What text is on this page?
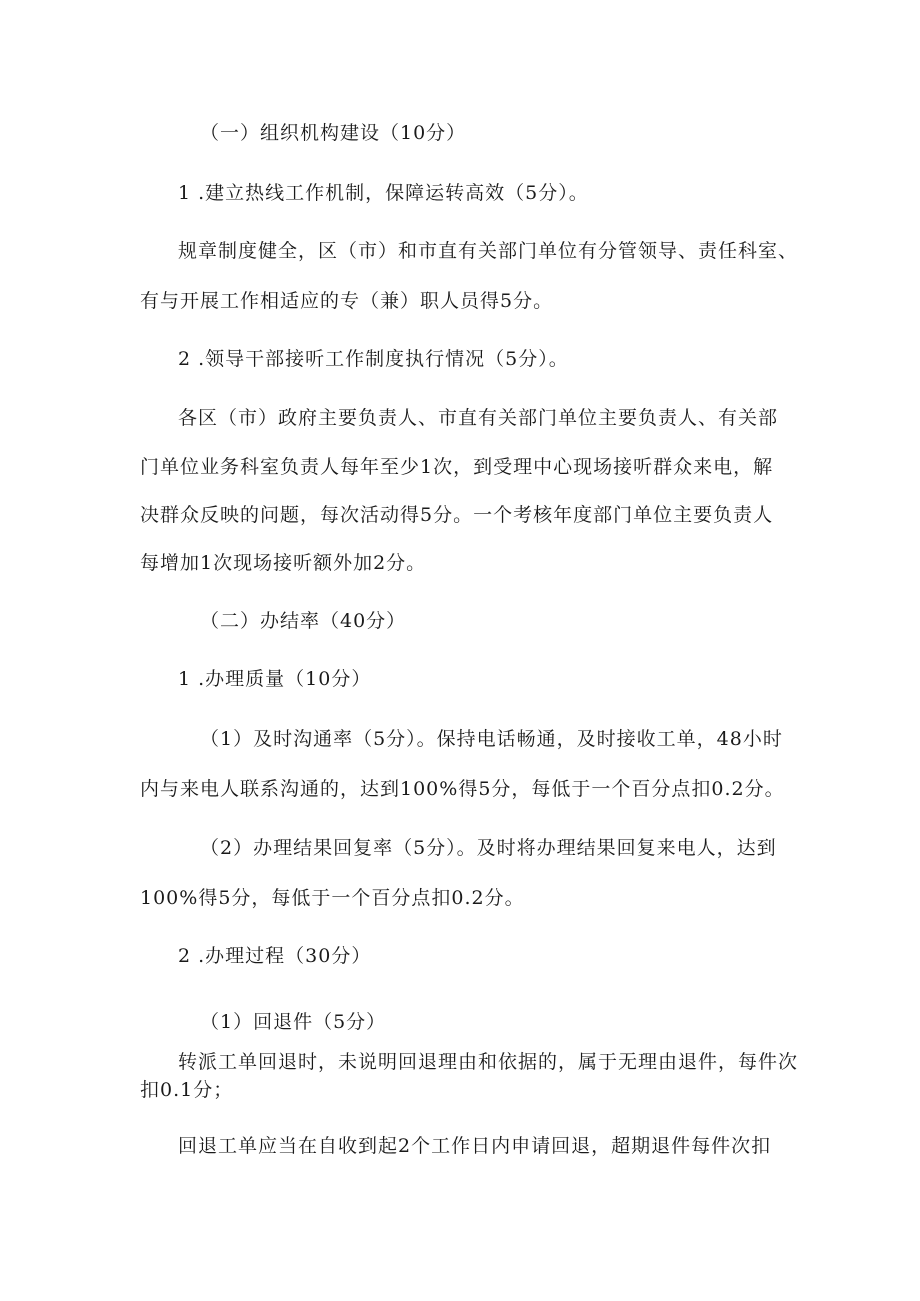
（一）组织机构建设（10分）
1 .建立热线工作机制，保障运转高效（5分）。
规章制度健全，区（市）和市直有关部门单位有分管领导、责任科室、
有与开展工作相适应的专（兼）职人员得5分。
2 .领导干部接听工作制度执行情况（5分）。
各区（市）政府主要负责人、市直有关部门单位主要负责人、有关部
门单位业务科室负责人每年至少1次，到受理中心现场接听群众来电，解
决群众反映的问题，每次活动得5分。一个考核年度部门单位主要负责人
每增加1次现场接听额外加2分。
（二）办结率（40分）
1 .办理质量（10分）
（1）及时沟通率（5分）。保持电话畅通，及时接收工单，48小时
内与来电人联系沟通的，达到100%得5分，每低于一个百分点扣0.2分。
（2）办理结果回复率（5分）。及时将办理结果回复来电人，达到
100%得5分，每低于一个百分点扣0.2分。
2 .办理过程（30分）
（1）回退件（5分）
转派工单回退时，未说明回退理由和依据的，属于无理由退件，每件次
扣0.1分；
回退工单应当在自收到起2个工作日内申请回退，超期退件每件次扣
